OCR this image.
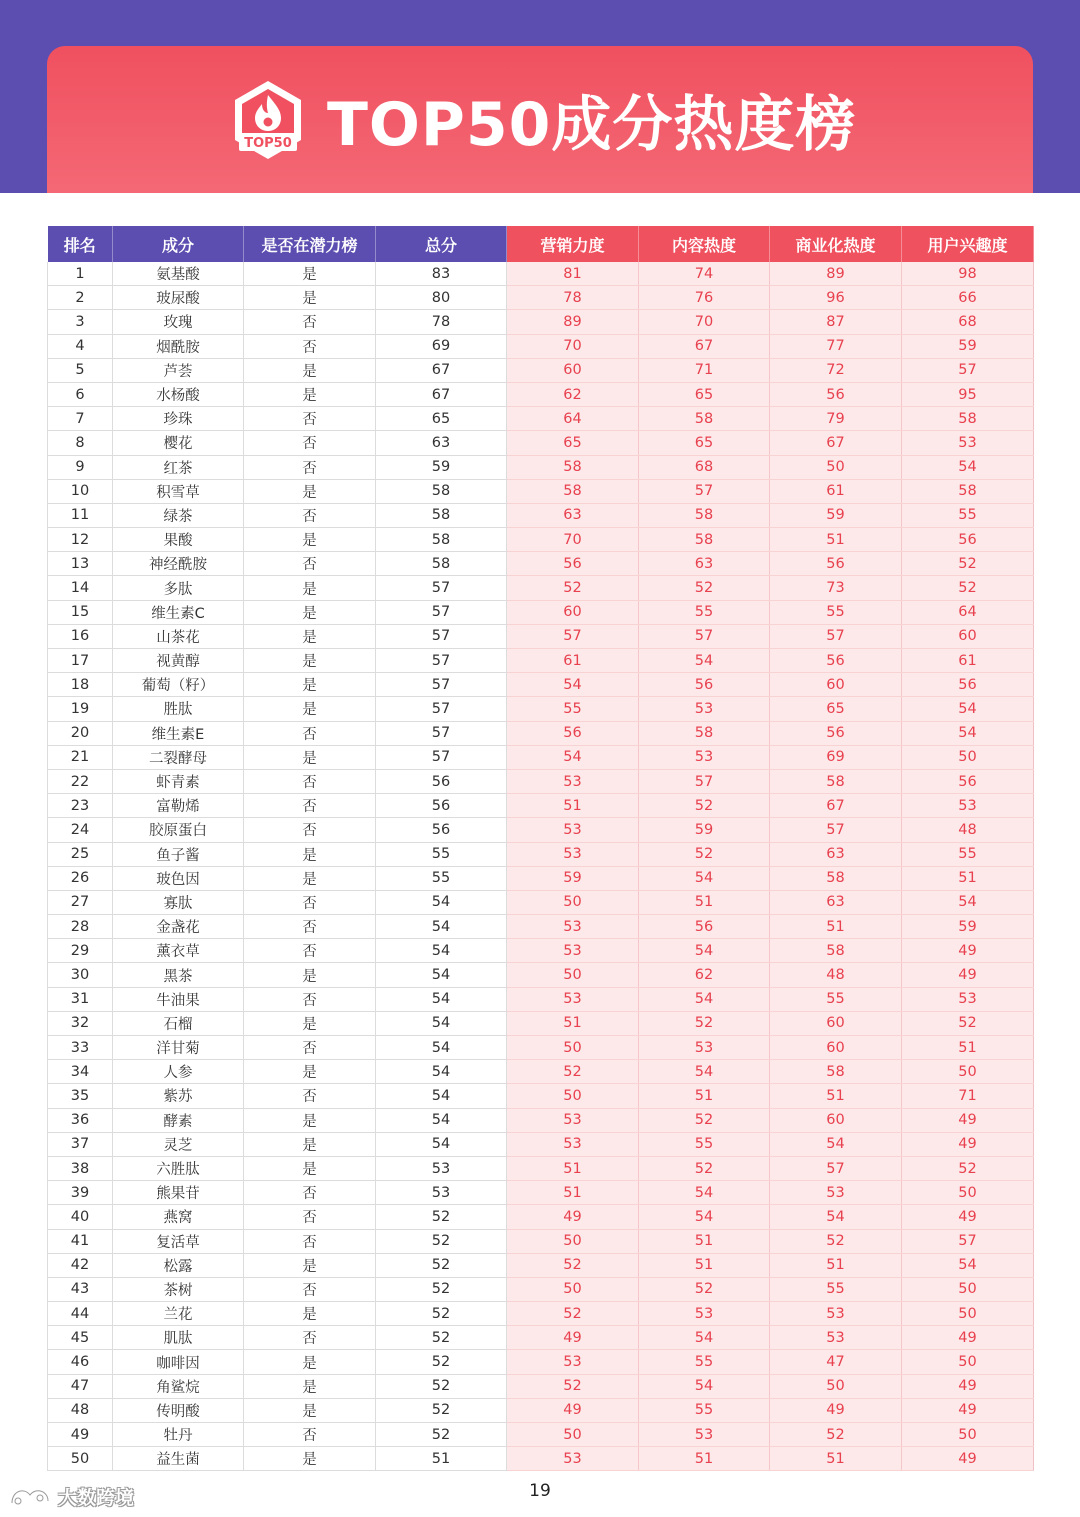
TOP50 TOP50成分热度榜
排名	成分	是否在潜力榜	总分	营销力度	内容热度	商业化热度	用户兴趣度
1	氨基酸	是	83	81	74	89	98
2	玻尿酸	是	80	78	76	96	66
3	玫瑰	否	78	89	70	87	68
4	烟酰胺	否	69	70	67	77	59
5	芦荟	是	67	60	71	72	57
6	水杨酸	是	67	62	65	56	95
7	珍珠	否	65	64	58	79	58
8	樱花	否	63	65	65	67	53
9	红茶	否	59	58	68	50	54
10	积雪草	是	58	58	57	61	58
11	绿茶	否	58	63	58	59	55
12	果酸	是	58	70	58	51	56
13	神经酰胺	否	58	56	63	56	52
14	多肽	是	57	52	52	73	52
15	维生素C	是	57	60	55	55	64
16	山茶花	是	57	57	57	57	60
17	视黄醇	是	57	61	54	56	61
18	葡萄（籽）	是	57	54	56	60	56
19	胜肽	是	57	55	53	65	54
20	维生素E	否	57	56	58	56	54
21	二裂酵母	是	57	54	53	69	50
22	虾青素	否	56	53	57	58	56
23	富勒烯	否	56	51	52	67	53
24	胶原蛋白	否	56	53	59	57	48
25	鱼子酱	是	55	53	52	63	55
26	玻色因	是	55	59	54	58	51
27	寡肽	否	54	50	51	63	54
28	金盏花	否	54	53	56	51	59
29	薰衣草	否	54	53	54	58	49
30	黑茶	是	54	50	62	48	49
31	牛油果	否	54	53	54	55	53
32	石榴	是	54	51	52	60	52
33	洋甘菊	否	54	50	53	60	51
34	人参	是	54	52	54	58	50
35	紫苏	否	54	50	51	51	71
36	酵素	是	54	53	52	60	49
37	灵芝	是	54	53	55	54	49
38	六胜肽	是	53	51	52	57	52
39	熊果苷	否	53	51	54	53	50
40	燕窝	否	52	49	54	54	49
41	复活草	否	52	50	51	52	57
42	松露	是	52	52	51	51	54
43	茶树	否	52	50	52	55	50
44	兰花	是	52	52	53	53	50
45	肌肽	否	52	49	54	53	49
46	咖啡因	是	52	53	55	47	50
47	角鲨烷	是	52	52	54	50	49
48	传明酸	是	52	49	55	49	49
49	牡丹	否	52	50	53	52	50
50	益生菌	是	51	53	51	51	49
大数跨境	19
